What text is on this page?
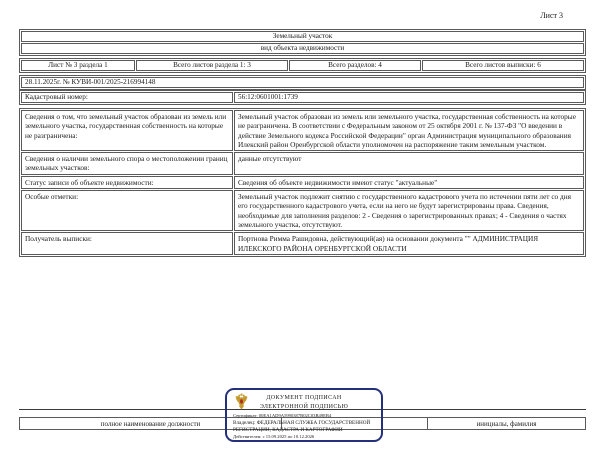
Лист 3
Земельный участок
вид объекта недвижимости
Лист № 3 раздела 1	Всего листов раздела 1: 3	Всего разделов: 4	Всего листов выписки: 6
28.11.2025г. № КУВИ-001/2025-216994148
Кадастровый номер:	56:12:0601001:1739
Сведения о том, что земельный участок образован из земель или земельного участка, государственная собственность на которые не разграничена:	Земельный участок образован из земель или земельного участка, государственная собственность на которые не разграничена. В соответствии с Федеральным законом от 25 октября 2001 г. № 137-ФЗ "О введении в действие Земельного кодекса Российской Федерации" орган Администрация муниципального образования Илекский район Оренбургской области уполномочен на распоряжение таким земельным участком.
Сведения о наличии земельного спора о местоположении границ земельных участков:	данные отсутствуют
Статус записи об объекте недвижимости:	Сведения об объекте недвижимости имеют статус "актуальные"
Особые отметки:	Земельный участок подлежит снятию с государственного кадастрового учета по истечении пяти лет со дня его государственного кадастрового учета, если на него не будут зарегистрированы права. Сведения, необходимые для заполнения разделов: 2 - Сведения о зарегистрированных правах; 4 - Сведения о частях земельного участка, отсутствуют.
Получатель выписки:	Портнова Римма Рашидовна, действующий(ая) на основании документа "" АДМИНИСТРАЦИЯ ИЛЕКСКОГО РАЙОНА ОРЕНБУРГСКОЙ ОБЛАСТИ
полное наименование должности		инициалы, фамилия
ДОКУМЕНТ ПОДПИСАН
ЭЛЕКТРОННОЙ ПОДПИСЬЮ
Сертификат: 00EA1AD9A5990387B02C03B49EB4
Владелец: ФЕДЕРАЛЬНАЯ СЛУЖБА ГОСУДАРСТВЕННОЙ
РЕГИСТРАЦИИ, КАДАСТРА И КАРТОГРАФИИ
Действителен: с 15.09.2025 по 10.12.2026
